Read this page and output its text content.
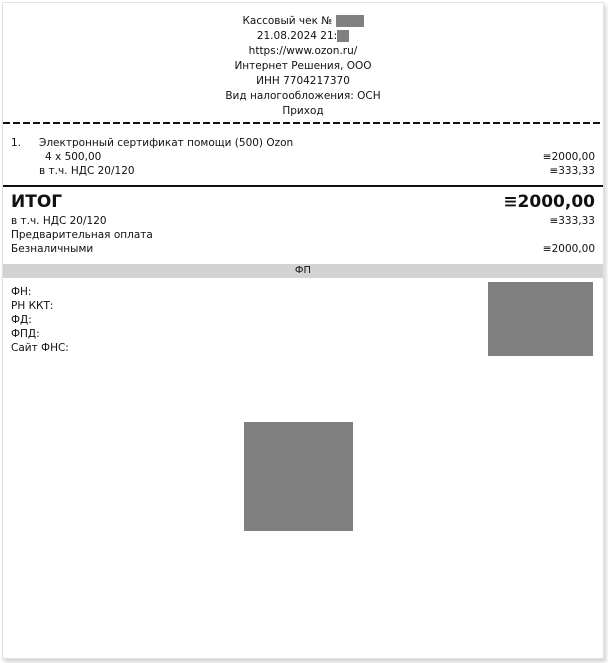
Кассовый чек №
21.08.2024 21:
https://www.ozon.ru/
Интернет Решения, ООО
ИНН 7704217370
Вид налогообложения: ОСН
Приход
1. Электронный сертификат помощи (500) Ozon
4 x 500,00	≡2000,00
в т.ч. НДС 20/120	≡333,33
ИТОГ	≡2000,00
в т.ч. НДС 20/120	≡333,33
Предварительная оплата
Безналичными	≡2000,00
ФП
ФН:
РН ККТ:
ФД:
ФПД:
Сайт ФНС:
